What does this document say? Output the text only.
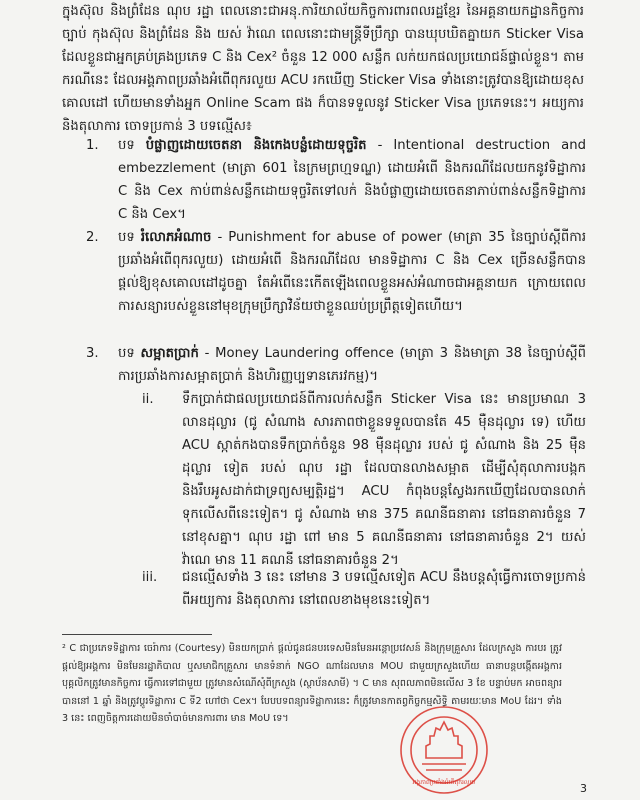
ក្នុងស៊ុល និងព្រំដែន ណុប រដ្ឋា ពេលនោះជាអនុ.ការិយាល័យកិច្ចការពារពលរដ្ឋខ្មែរ នៃអគ្គនាយកដ្ឋានកិច្ចការច្បាប់ កុងស៊ុល និងព្រំដែន និង យស់ វ៉ាណេ ពេលនោះជាមន្ត្រីទីប្រឹក្សា បានឃុបឃិតគ្នាយក Sticker Visa ដែលខ្លួនជាអ្នកគ្រប់គ្រងប្រភេទ C និង Cex² ចំនួន 12 000 សន្លឹក លក់យកផលប្រយោជន៍ផ្ទាល់ខ្លួន។ តាមករណីនេះ ដែលអង្គភាពប្រឆាំងអំពើពុករលួយ ACU រកឃើញ Sticker Visa ទាំងនោះត្រូវបានឱ្យដោយខុសគោលដៅ ហើយមានទាំងអ្នក Online Scam ផង ក៏បានទទួលនូវ Sticker Visa ប្រភេទនេះ។ អយ្យការ និងតុលាការ ចោទប្រកាន់ 3 បទល្មើស៖

1.	បទ បំផ្លាញដោយចេតនា និងកេងបន្លំដោយទុច្ចរិត - Intentional destruction and embezzlement (មាត្រា 601 នៃក្រមព្រហ្មទណ្ឌ) ដោយអំពើ និងករណីដែលយកនូវទិដ្ឋាការ C និង Cex កាប់ពាន់សន្លឹកដោយទុច្ចរិតទៅលក់ និងបំផ្លាញដោយចេតនាភាប់ពាន់សន្លឹកទិដ្ឋាការ C និង Cex។
2.	បទ រំលោភអំណាច - Punishment for abuse of power (មាត្រា 35 នៃច្បាប់ស្តីពីការប្រឆាំងអំពើពុករលួយ) ដោយអំពើ និងករណីដែល មានទិដ្ឋាការ C និង Cex ច្រើនសន្លឹកបានផ្តល់ឱ្យខុសគោលដៅដូចគ្នា តែអំពើនេះកើតឡើងពេលខ្លួនអស់អំណាចជាអគ្គនាយក ក្រោយពេលការសន្យារបស់ខ្លួននៅមុខក្រុមប្រឹក្សាវិន័យថាខ្លួនឈប់ប្រព្រឹត្តទៀតហើយ។
3.	បទ សម្អាតប្រាក់ - Money Laundering offence (មាត្រា 3 និងមាត្រា 38 នៃច្បាប់ស្តីពីការប្រឆាំងការសម្អាតប្រាក់ និងហិរញ្ញប្បទានភេរវកម្ម)។
ii.	ទឹកប្រាក់ជាផលប្រយោជន៍ពីការលក់សន្លឹក Sticker Visa នេះ មានប្រមាណ 3 លានដុល្លារ (ជូ សំណាង សារភាពថាខ្លួនទទួលបានតែ 45 ម៉ឺនដុល្លារ ទេ) ហើយ ACU ស្កាត់កងបានទឹកប្រាក់ចំនួន 98 ម៉ឺនដុល្លារ របស់ ជូ សំណាង និង 25 ម៉ឺនដុល្លារ ទៀត របស់ ណុប រដ្ឋា ដែលបានលាងសម្អាត ដើម្បីសុំតុលាការបង្កក និងរឹបអូសដាក់ជាទ្រព្យសម្បត្តិរដ្ឋ។ ACU កំពុងបន្តស្វែងរកឃើញដែលបានលាក់ទុកលើសពីនេះទៀត។ ជូ សំណាង មាន 375 គណនីធនាគារ នៅធនាគារចំនួន 7 នៅខុសគ្នា។ ណុប រដ្ឋា ពៅ មាន 5 គណនីធនាគារ នៅធនាគារចំនួន 2។ យស់ វ៉ាណេ មាន 11 គណនី នៅធនាគារចំនួន 2។
iii.	ជនល្មើសទាំង 3 នេះ នៅមាន 3 បទល្មើសទៀត ACU នឹងបន្តសុំធ្វើការចោទប្រកាន់ ពីអយ្យការ និងតុលាការ នៅពេលខាងមុខនេះទៀត។

² C ជាប្រភេទទិដ្ឋាការ ចេរ៉ាការ (Courtesy) មិនយកប្រាក់ ផ្តល់ជូនជនបរទេសមិនមែនអន្តោប្រវេសន៍ និងក្រុមគ្រួសារ ដែលក្រសួង ការបរ ត្រូវផ្តល់ឱ្យអង្គការ មិនមែនរដ្ឋាភិបាល ឬសមាជិកគ្រួសារ មានទំនាក់ NGO ណាដែលមាន MOU ជាមួយក្រសួងហើយ ធានាបន្តបង្កើតអង្គការ បុគ្គលិកត្រូវមានកិច្ចការ ធ្វើការទៅជាមួយ ត្រូវមានសំណើសុំពីក្រសួង (ស្ថាប័នសាមី) ។ C មាន សុពលភាពមិនលើស 3 ខែ បន្ទាប់មក អាចពន្យារបាននៅ 1 ឆ្នាំ និងត្រូវប្តូរទិដ្ឋាការ C ទី2 ហៅថា Cex។ បែបបទពន្យារទិដ្ឋាការនេះ ក៏ត្រូវមានកាតព្វកិច្ចកម្មសិទ្ធិ តាមរយៈមាន MoU ដែរ។ ទាំង 3 នេះ ពេញចិត្តការដោយមិនចាំបាច់មានការពារ មាន MoU ទេ។

អង្គភាពប្រឆាំងអំពើពុករលួយ	3
